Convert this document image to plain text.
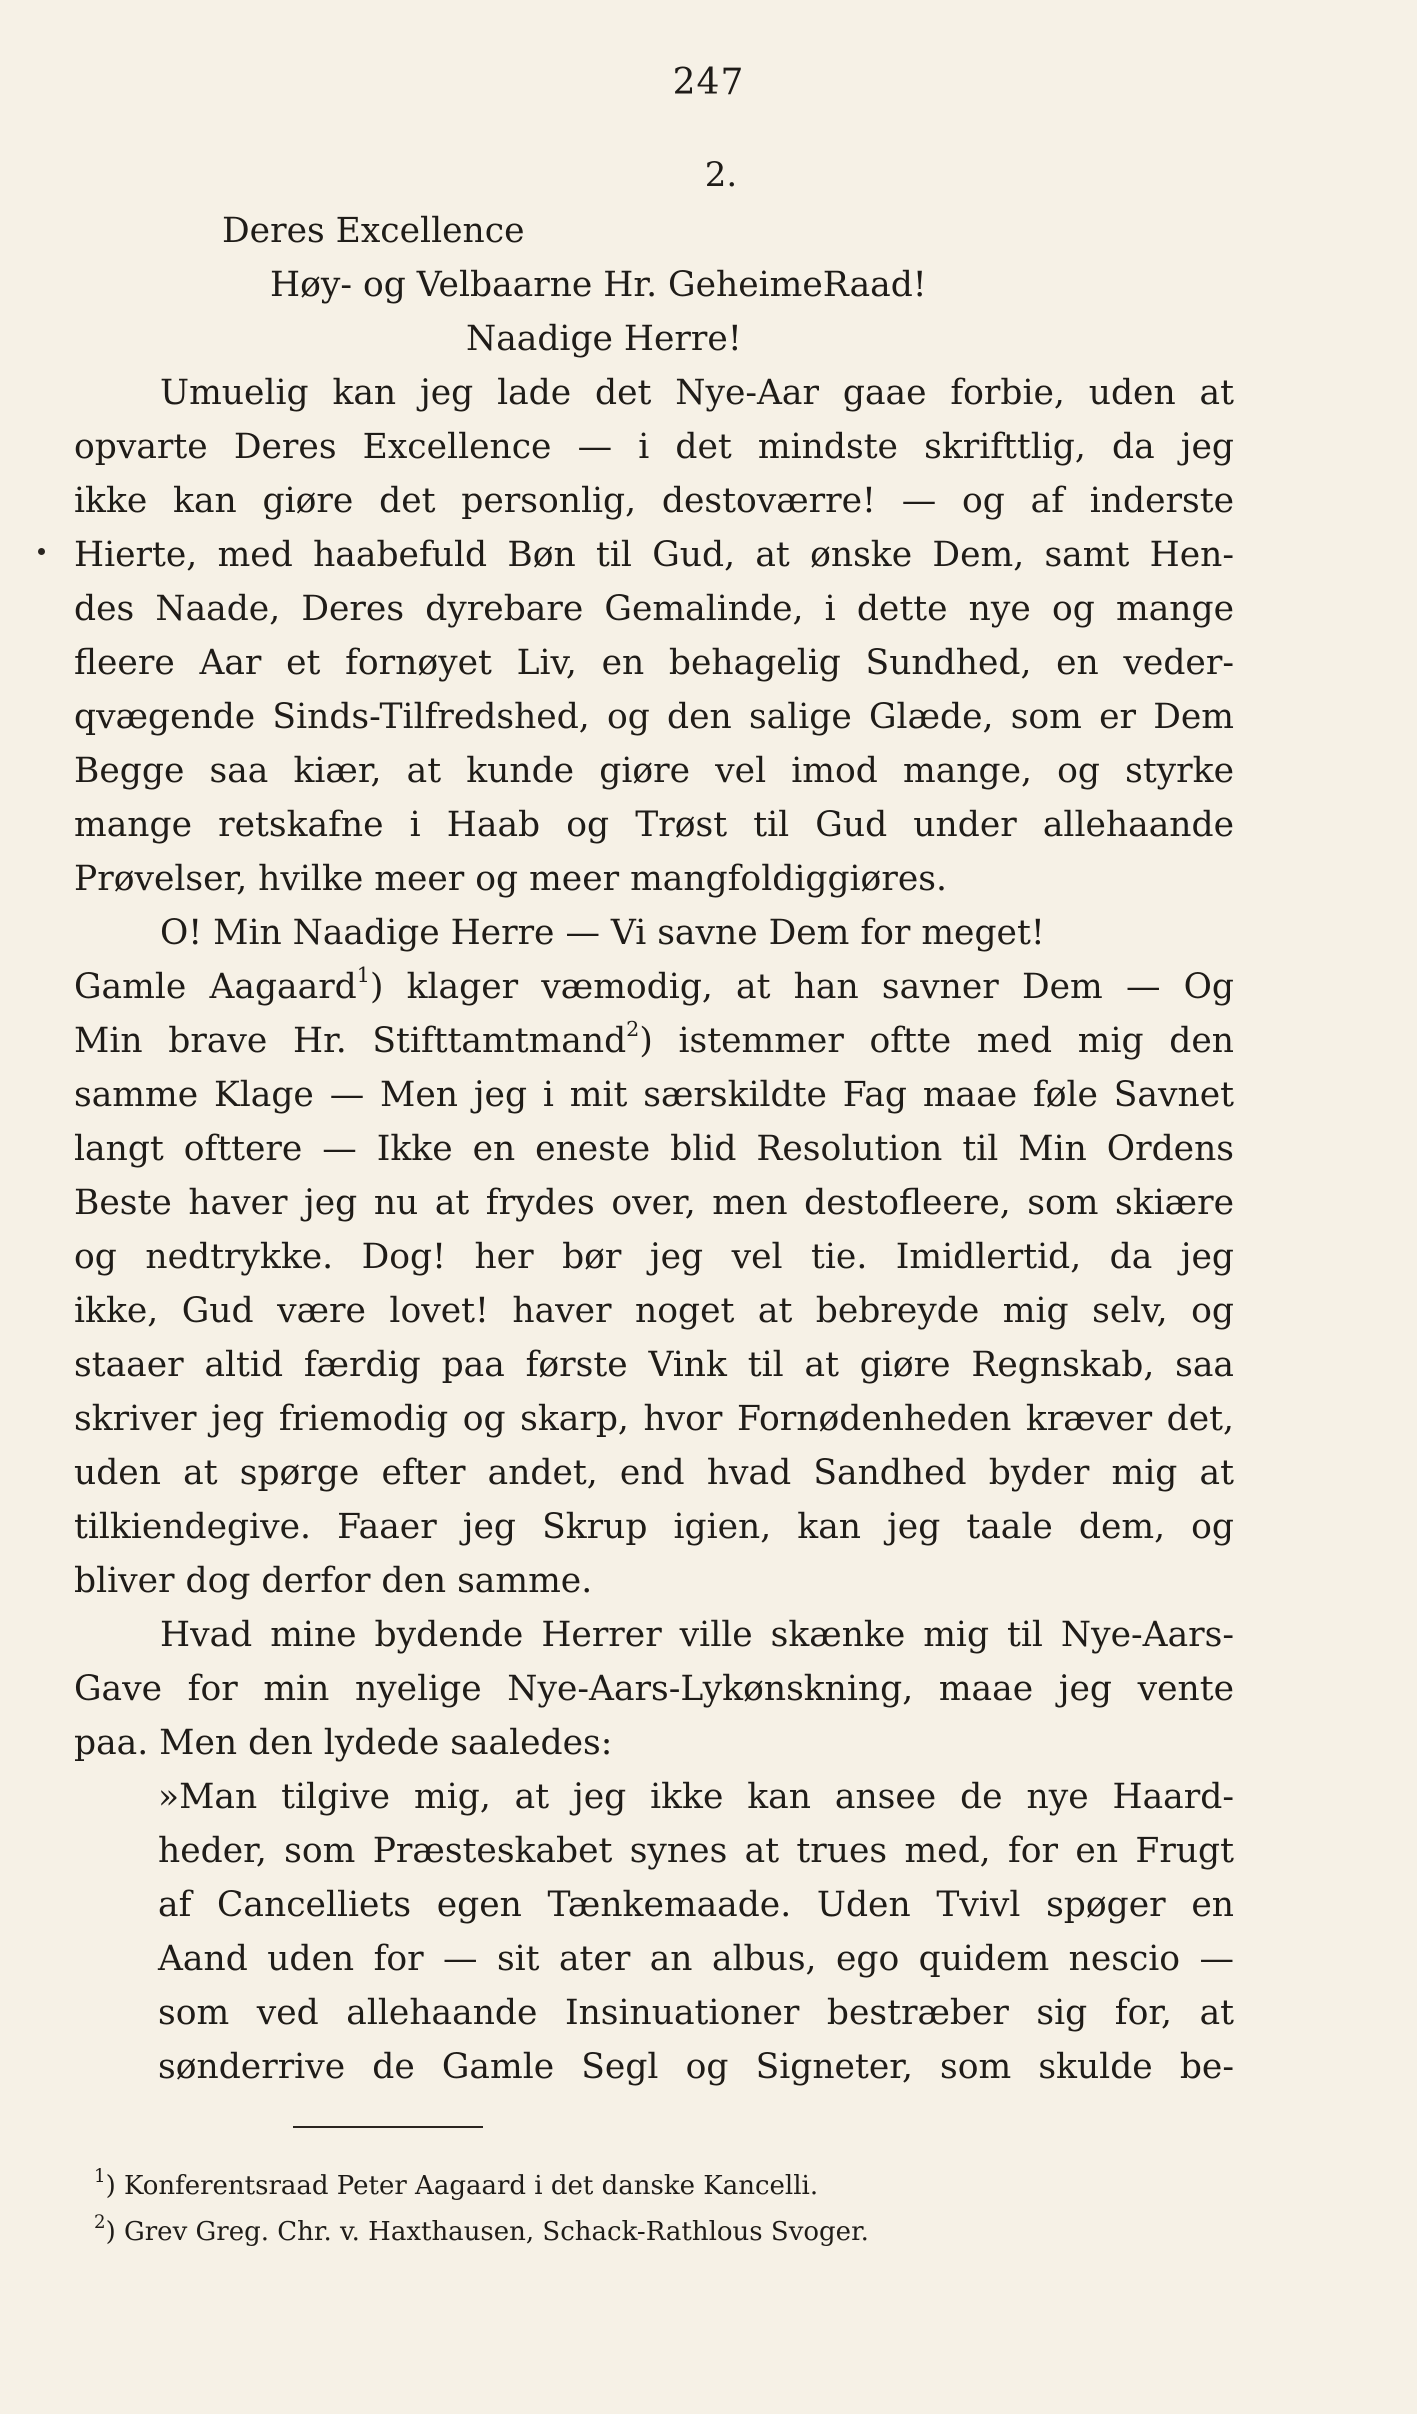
247
2.
Deres Excellence
Høy- og Velbaarne Hr. GeheimeRaad!
Naadige Herre!
Umuelig kan jeg lade det Nye-Aar gaae forbie, uden at
opvarte Deres Excellence — i det mindste skrifttlig, da jeg
ikke kan giøre det personlig, destoværre! — og af inderste
Hierte, med haabefuld Bøn til Gud, at ønske Dem, samt Hen-
des Naade, Deres dyrebare Gemalinde, i dette nye og mange
fleere Aar et fornøyet Liv, en behagelig Sundhed, en veder-
qvægende Sinds-Tilfredshed, og den salige Glæde, som er Dem
Begge saa kiær, at kunde giøre vel imod mange, og styrke
mange retskafne i Haab og Trøst til Gud under allehaande
Prøvelser, hvilke meer og meer mangfoldiggiøres.
O! Min Naadige Herre — Vi savne Dem for meget!
Gamle Aagaard$^1$) klager væmodig, at han savner Dem — Og
Min brave Hr. Stifttamtmand$^2$) istemmer oftte med mig den
samme Klage — Men jeg i mit særskildte Fag maae føle Savnet
langt ofttere — Ikke en eneste blid Resolution til Min Ordens
Beste haver jeg nu at frydes over, men destofleere, som skiære
og nedtrykke. Dog! her bør jeg vel tie. Imidlertid, da jeg
ikke, Gud være lovet! haver noget at bebreyde mig selv, og
staaer altid færdig paa første Vink til at giøre Regnskab, saa
skriver jeg friemodig og skarp, hvor Fornødenheden kræver det,
uden at spørge efter andet, end hvad Sandhed byder mig at
tilkiendegive. Faaer jeg Skrup igien, kan jeg taale dem, og
bliver dog derfor den samme.
Hvad mine bydende Herrer ville skænke mig til Nye-Aars-
Gave for min nyelige Nye-Aars-Lykønskning, maae jeg vente
paa. Men den lydede saaledes:
»Man tilgive mig, at jeg ikke kan ansee de nye Haard-
heder, som Præsteskabet synes at trues med, for en Frugt
af Cancelliets egen Tænkemaade. Uden Tvivl spøger en
Aand uden for — sit ater an albus, ego quidem nescio —
som ved allehaande Insinuationer bestræber sig for, at
sønderrive de Gamle Segl og Signeter, som skulde be-
$^1$) Konferentsraad Peter Aagaard i det danske Kancelli.
$^2$) Grev Greg. Chr. v. Haxthausen, Schack-Rathlous Svoger.
